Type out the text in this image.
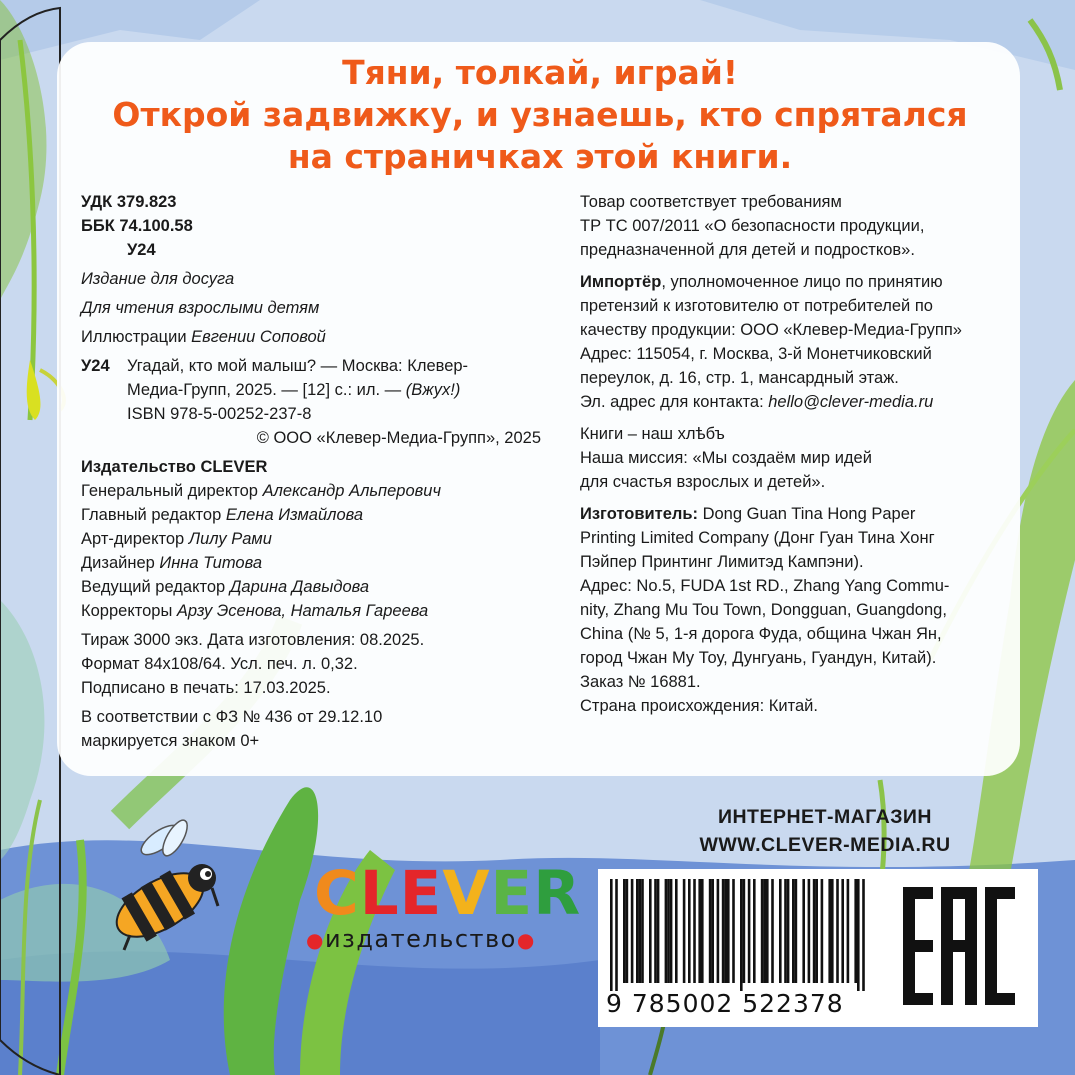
Тяни, толкай, играй!
Открой задвижку, и узнаешь, кто спрятался
на страничках этой книги.

УДК 379.823

ББК 74.100.58

У24

Издание для досуга

Для чтения взрослыми детям

Иллюстрации Евгении Соповой

У24 Угадай, кто мой малыш? — Москва: Клевер-

Медиа-Групп, 2025. — [12] с.: ил. — (Вжух!)

ISBN 978-5-00252-237-8

© ООО «Клевер-Медиа-Групп», 2025

Издательство CLEVER

Генеральный директор Александр Альперович

Главный редактор Елена Измайлова

Арт-директор Лилу Рами

Дизайнер Инна Титова

Ведущий редактор Дарина Давыдова

Корректоры Арзу Эсенова, Наталья Гареева

Тираж 3000 экз. Дата изготовления: 08.2025.

Формат 84х108/64. Усл. печ. л. 0,32.

Подписано в печать: 17.03.2025.

В соответствии с ФЗ № 436 от 29.12.10

маркируется знаком 0+

Товар соответствует требованиям

ТР ТС 007/2011 «О безопасности продукции,

предназначенной для детей и подростков».

Импортёр, уполномоченное лицо по принятию

претензий к изготовителю от потребителей по

качеству продукции: ООО «Клевер-Медиа-Групп»

Адрес: 115054, г. Москва, 3-й Монетчиковский

переулок, д. 16, стр. 1, мансардный этаж.

Эл. адрес для контакта: hello@clever-media.ru

Книги – наш хлѣбъ

Наша миссия: «Мы создаём мир идей

для счастья взрослых и детей».

Изготовитель: Dong Guan Tina Hong Paper

Printing Limited Company (Донг Гуан Тина Хонг

Пэйпер Принтинг Лимитэд Кампэни).

Адрес: No.5, FUDA 1st RD., Zhang Yang Commu-

nity, Zhang Mu Tou Town, Dongguan, Guangdong,

China (№ 5, 1-я дорога Фуда, община Чжан Ян,

город Чжан Му Тоу, Дунгуань, Гуандун, Китай).

Заказ № 16881.

Страна происхождения: Китай.

ИНТЕРНЕТ-МАГАЗИН
WWW.CLEVER-MEDIA.RU
CLEVER
●издательство●
9 785002 522378
